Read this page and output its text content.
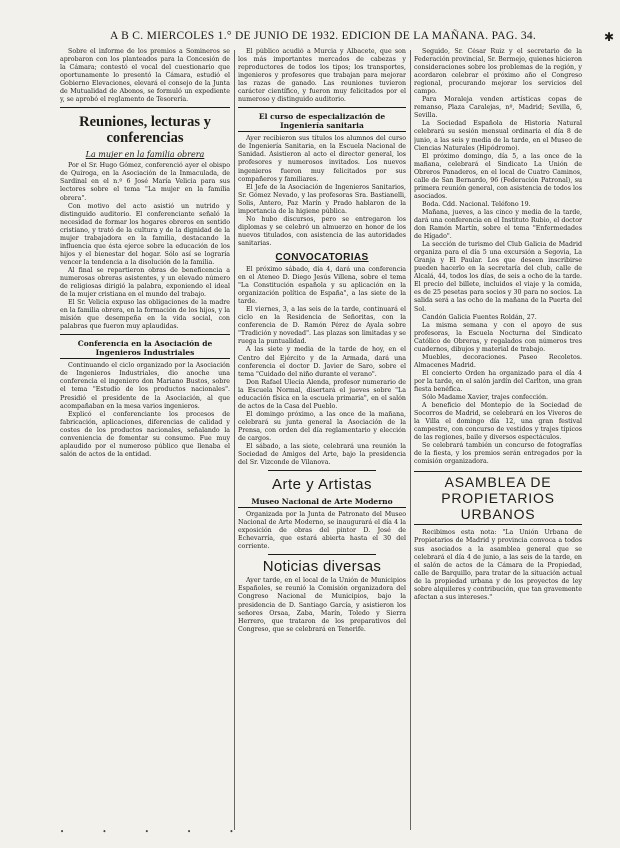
A B C. MIERCOLES 1.° DE JUNIO DE 1932. EDICION DE LA MAÑANA. PAG. 34.	✱

Sobre el informe de los premios a Somineros se aprobaron con los planteados para la Concesión de la Cámara; contestó el vocal del cuestionario que oportunamente lo presentó la Cámara, estudió el Gobierno Elevaciones, elevará el consejo de la Junta de Mutualidad de Abonos, se formuló un expediente y, se aprobó el reglamento de Tesorería.

Reuniones, lecturas y conferencias
La mujer en la familia obrera

Por el Sr. Hugo Gómez, conferenció ayer el obispo de Quiroga, en la Asociación de la Inmaculada, de Sardinal en el n.º 6 José María Velicia para sus lectores sobre el tema "La mujer en la familia obrera".

Con motivo del acto asistió un nutrido y distinguido auditorio. El conferenciante señaló la necesidad de formar los hogares obreros en sentido cristiano, y trató de la cultura y de la dignidad de la mujer trabajadora en la familia, destacando la influencia que ésta ejerce sobre la educación de los hijos y el bienestar del hogar. Sólo así se lograría vencer la tendencia a la disolución de la familia.

Al final se repartieron obras de beneficencia a numerosas obreras asistentes, y un elevado número de religiosas dirigió la palabra, exponiendo el ideal de la mujer cristiana en el mundo del trabajo.

El Sr. Velicia expuso las obligaciones de la madre en la familia obrera, en la formación de los hijos, y la misión que desempeña en la vida social, con palabras que fueron muy aplaudidas.

Conferencia en la Asociación de Ingenieros Industriales

Continuando el ciclo organizado por la Asociación de Ingenieros Industriales, dio anoche una conferencia el ingeniero don Mariano Bustos, sobre el tema "Estudio de los productos nacionales". Presidió el presidente de la Asociación, al que acompañaban en la mesa varios ingenieros.

Explicó el conferenciante los procesos de fabricación, aplicaciones, diferencias de calidad y costes de los productos nacionales, señalando la conveniencia de fomentar su consumo. Fue muy aplaudido por el numeroso público que llenaba el salón de actos de la entidad.

El público acudió a Murcia y Albacete, que son los más importantes mercados de cabezas y reproductores de todos los tipos; los transportes, ingenieros y profesores que trabajan para mejorar las razas de ganado. Las reuniones tuvieron carácter científico, y fueron muy felicitados por el numeroso y distinguido auditorio.

El curso de especialización de Ingeniería sanitaria

Ayer recibieron sus títulos los alumnos del curso de Ingeniería Sanitaria, en la Escuela Nacional de Sanidad. Asistieron al acto el director general, los profesores y numerosos invitados. Los nuevos ingenieros fueron muy felicitados por sus compañeros y familiares.

El Jefe de la Asociación de Ingenieros Sanitarios, Sr. Gómez Nevado, y las profesoras Sra. Bastianelli, Solis, Antero, Paz Marín y Prado hablaron de la importancia de la higiene pública.

No hubo discursos, pero se entregaron los diplomas y se celebró un almuerzo en honor de los nuevos titulados, con asistencia de las autoridades sanitarias.

CONVOCATORIAS

El próximo sábado, día 4, dará una conferencia en el Ateneo D. Diego Jesús Villena, sobre el tema "La Constitución española y su aplicación en la organización política de España", a las siete de la tarde.

El viernes, 3, a las seis de la tarde, continuará el ciclo en la Residencia de Señoritas, con la conferencia de D. Ramón Pérez de Ayala sobre "Tradición y novedad". Las plazas son limitadas y se ruega la puntualidad.

A las siete y media de la tarde de hoy, en el Centro del Ejército y de la Armada, dará una conferencia el doctor D. Javier de Saro, sobre el tema "Cuidado del niño durante el verano".

Don Rafael Ulecia Alenda, profesor numerario de la Escuela Normal, disertará el jueves sobre "La educación física en la escuela primaria", en el salón de actos de la Casa del Pueblo.

El domingo próximo, a las once de la mañana, celebrará su junta general la Asociación de la Prensa, con orden del día reglamentario y elección de cargos.

El sábado, a las siete, celebrará una reunión la Sociedad de Amigos del Arte, bajo la presidencia del Sr. Vizconde de Vilanova.

Arte y Artistas
Museo Nacional de Arte Moderno

Organizada por la Junta de Patronato del Museo Nacional de Arte Moderno, se inaugurará el día 4 la exposición de obras del pintor D. José de Echevarría, que estará abierta hasta el 30 del corriente.

Noticias diversas

Ayer tarde, en el local de la Unión de Municipios Españoles, se reunió la Comisión organizadora del Congreso Nacional de Municipios, bajo la presidencia de D. Santiago García, y asistieron los señores Orsaa, Zaba, Marín, Toledo y Sierra Herrero, que trataron de los preparativos del Congreso, que se celebrará en Tenerife.

Seguido, Sr. César Ruiz y el secretario de la Federación provincial, Sr. Bermejo, quienes hicieron consideraciones sobre los problemas de la región, y acordaron celebrar el próximo año el Congreso regional, procurando mejorar los servicios del campo.

Para Moraleja venden artísticas copas de remanso, Plaza Caralejas, nº, Madrid; Sevilla, 6, Sevilla.

La Sociedad Española de Historia Natural celebrará su sesión mensual ordinaria el día 8 de junio, a las seis y media de la tarde, en el Museo de Ciencias Naturales (Hipódromo).

El próximo domingo, día 5, a las once de la mañana, celebrará el Sindicato La Unión de Obreros Panaderos, en el local de Cuatro Caminos, calle de San Bernardo, 96 (Federación Patronal), su primera reunión general, con asistencia de todos los asociados.

Boda. Cdd. Nacional. Teléfono 19.

Mañana, jueves, a las cinco y media de la tarde, dará una conferencia en el Instituto Rubio, el doctor don Ramón Martín, sobre el tema "Enfermedades de Hígado".

La sección de turismo del Club Galicia de Madrid organiza para el día 5 una excursión a Segovia, La Granja y El Paular. Los que deseen inscribirse pueden hacerlo en la secretaría del club, calle de Alcalá, 44, todos los días, de seis a ocho de la tarde. El precio del billete, incluidos el viaje y la comida, es de 25 pesetas para socios y 30 para no socios. La salida será a las ocho de la mañana de la Puerta del Sol.

Candón Galicia Fuentes Roldán, 27.

La misma semana y con el apoyo de sus profesoras, la Escuela Nocturna del Sindicato Católico de Obreras, y regalados con números tres cuadernos, dibujos y material de trabajo.

Muebles, decoraciones. Paseo Recoletos. Almacenes Madrid.

El concierto Orden ha organizado para el día 4 por la tarde, en el salón jardín del Carlton, una gran fiesta benéfica.

Sólo Madame Xavier, trajes confección.

A beneficio del Montepío de la Sociedad de Socorros de Madrid, se celebrará en los Viveros de la Villa el domingo día 12, una gran festival campestre, con concurso de vestidos y trajes típicos de las regiones, baile y diversos espectáculos.

Se celebrará también un concurso de fotografías de la fiesta, y los premios serán entregados por la comisión organizadora.

ASAMBLEA DE PROPIETARIOS URBANOS

Recibimos esta nota: "La Unión Urbana de Propietarios de Madrid y provincia convoca a todos sus asociados a la asamblea general que se celebrará el día 4 de junio, a las seis de la tarde, en el salón de actos de la Cámara de la Propiedad, calle de Barquillo, para tratar de la situación actual de la propiedad urbana y de los proyectos de ley sobre alquileres y contribución, que tan gravemente afectan a sus intereses."

• • • • •
